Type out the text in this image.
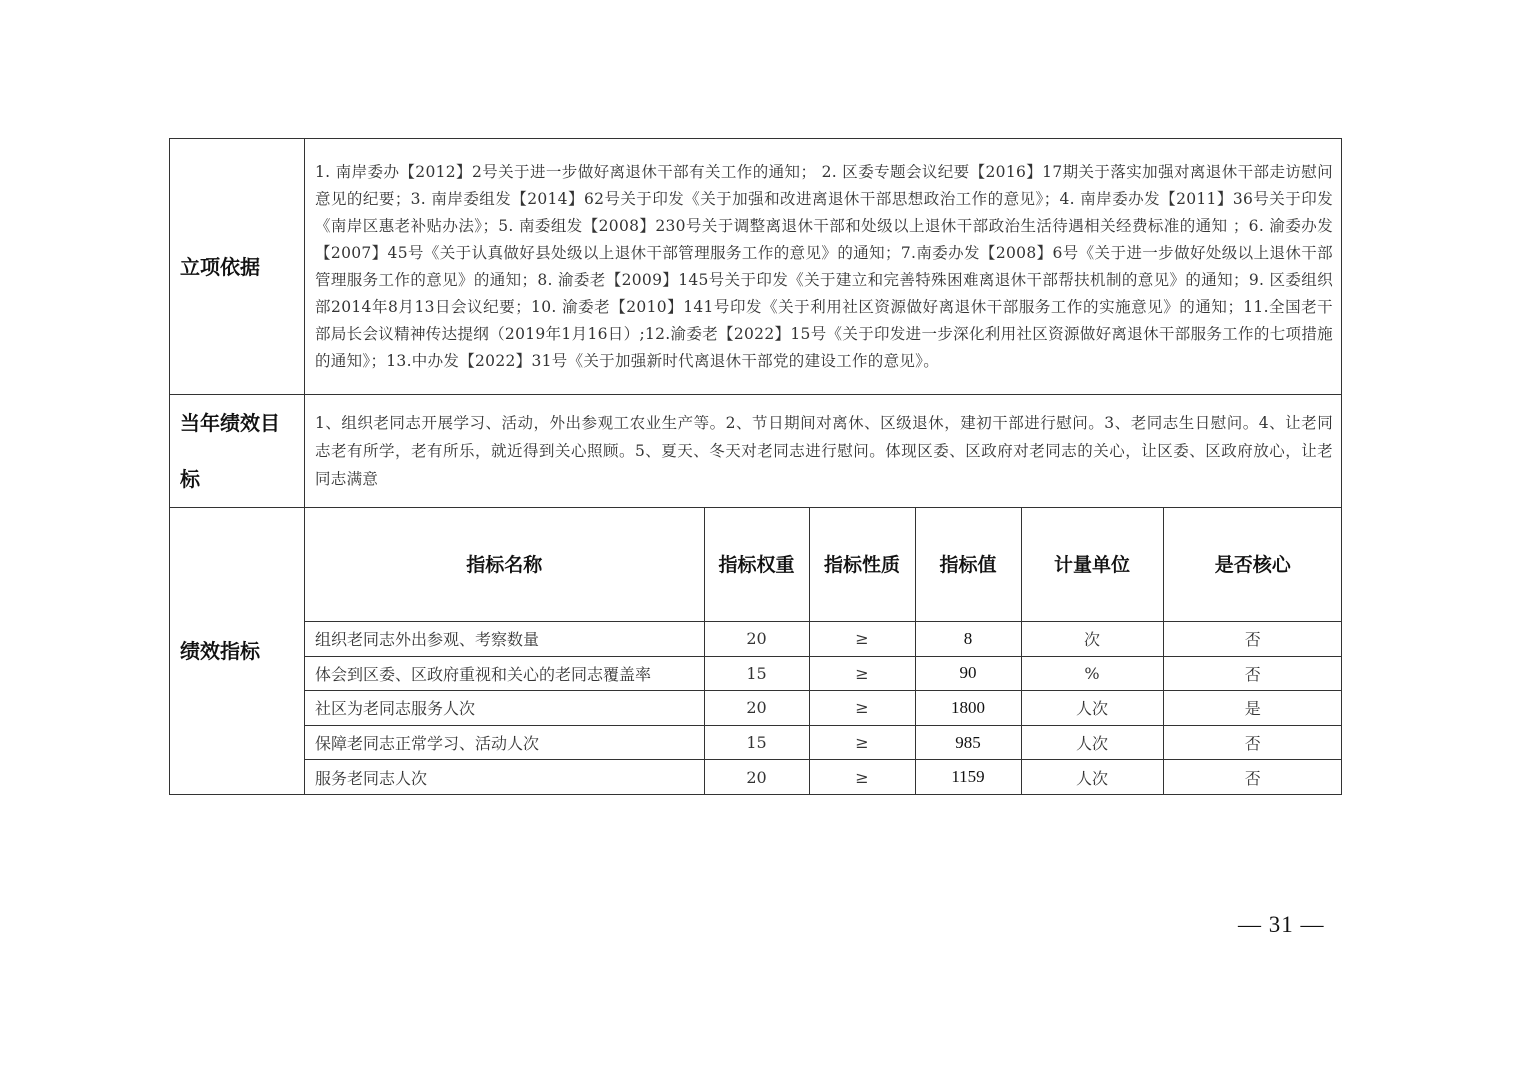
立项依据	1. 南岸委办【2012】2号关于进一步做好离退休干部有关工作的通知； 2. 区委专题会议纪要【2016】17期关于落实加强对离退休干部走访慰问意见的纪要；3. 南岸委组发【2014】62号关于印发《关于加强和改进离退休干部思想政治工作的意见》；4. 南岸委办发【2011】36号关于印发《南岸区惠老补贴办法》；5. 南委组发【2008】230号关于调整离退休干部和处级以上退休干部政治生活待遇相关经费标准的通知 ；6. 渝委办发【2007】45号《关于认真做好县处级以上退休干部管理服务工作的意见》的通知；7.南委办发【2008】6号《关于进一步做好处级以上退休干部管理服务工作的意见》的通知；8. 渝委老【2009】145号关于印发《关于建立和完善特殊困难离退休干部帮扶机制的意见》的通知；9. 区委组织部2014年8月13日会议纪要；10. 渝委老【2010】141号印发《关于利用社区资源做好离退休干部服务工作的实施意见》的通知；11.全国老干部局长会议精神传达提纲（2019年1月16日）;12.渝委老【2022】15号《关于印发进一步深化利用社区资源做好离退休干部服务工作的七项措施的通知》；13.中办发【2022】31号《关于加强新时代离退休干部党的建设工作的意见》。
当年绩效目标	1、组织老同志开展学习、活动，外出参观工农业生产等。2、节日期间对离休、区级退休，建初干部进行慰问。3、老同志生日慰问。4、让老同志老有所学，老有所乐，就近得到关心照顾。5、夏天、冬天对老同志进行慰问。体现区委、区政府对老同志的关心，让区委、区政府放心，让老同志满意
绩效指标	
指标名称	指标权重	指标性质	指标值	计量单位	是否核心
组织老同志外出参观、考察数量	20	≥	8	次	否
体会到区委、区政府重视和关心的老同志覆盖率	15	≥	90	%	否
社区为老同志服务人次	20	≥	1800	人次	是
保障老同志正常学习、活动人次	15	≥	985	人次	否
服务老同志人次	20	≥	1159	人次	否
— 31 —
